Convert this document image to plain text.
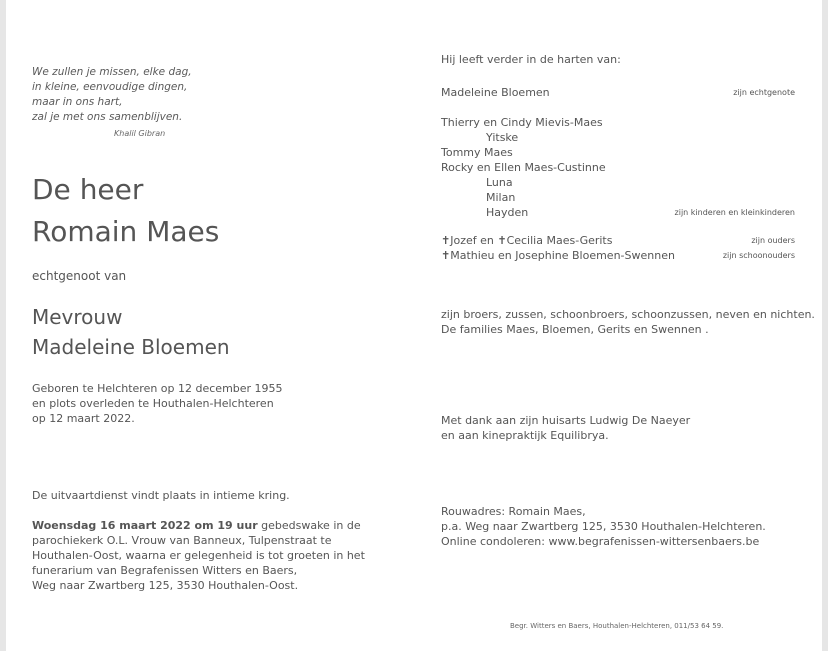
We zullen je missen, elke dag,
in kleine, eenvoudige dingen,
maar in ons hart,
zal je met ons samenblijven.
Khalil Gibran
De heer
Romain Maes
echtgenoot van
Mevrouw
Madeleine Bloemen
Geboren te Helchteren op 12 december 1955
en plots overleden te Houthalen-Helchteren
op 12 maart 2022.
De uitvaartdienst vindt plaats in intieme kring.
Woensdag 16 maart 2022 om 19 uur gebedswake in de
parochiekerk O.L. Vrouw van Banneux, Tulpenstraat te
Houthalen-Oost, waarna er gelegenheid is tot groeten in het
funerarium van Begrafenissen Witters en Baers,
Weg naar Zwartberg 125, 3530 Houthalen-Oost.
Hij leeft verder in de harten van:
Madeleine Bloemen	zijn echtgenote
Thierry en Cindy Mievis-Maes
Yitske
Tommy Maes
Rocky en Ellen Maes-Custinne
Luna
Milan
Hayden	zijn kinderen en kleinkinderen
✝Jozef en ✝Cecilia Maes-Gerits	zijn ouders
✝Mathieu en Josephine Bloemen-Swennen	zijn schoonouders
zijn broers, zussen, schoonbroers, schoonzussen, neven en nichten.
De families Maes, Bloemen, Gerits en Swennen .
Met dank aan zijn huisarts Ludwig De Naeyer
en aan kinepraktijk Equilibrya.
Rouwadres: Romain Maes,
p.a. Weg naar Zwartberg 125, 3530 Houthalen-Helchteren.
Online condoleren: www.begrafenissen-wittersenbaers.be
Begr. Witters en Baers, Houthalen-Helchteren, 011/53 64 59.
